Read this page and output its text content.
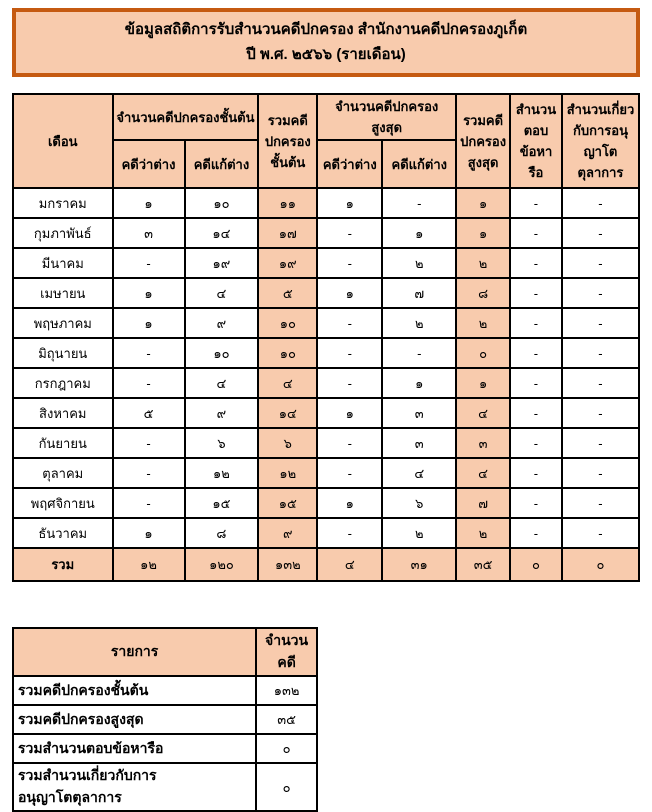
ข้อมูลสถิติการรับสำนวนคดีปกครอง สำนักงานคดีปกครองภูเก็ต
ปี พ.ศ. ๒๕๖๖ (รายเดือน)
เดือน	จำนวนคดีปกครองชั้นต้น		รวมคดีปกครองชั้นต้น	จำนวนคดีปกครองสูงสุด		รวมคดีปกครองสูงสุด	สำนวนตอบข้อหารือ	สำนวนเกี่ยวกับการอนุญาโต ตุลาการ
	คดีว่าต่าง	คดีแก้ต่าง		คดีว่าต่าง	คดีแก้ต่าง			
มกราคม	๑	๑๐	๑๑	๑	-	๑	-	-
กุมภาพันธ์	๓	๑๔	๑๗	-	๑	๑	-	-
มีนาคม	-	๑๙	๑๙	-	๒	๒	-	-
เมษายน	๑	๔	๕	๑	๗	๘	-	-
พฤษภาคม	๑	๙	๑๐	-	๒	๒	-	-
มิถุนายน	-	๑๐	๑๐	-	-	๐	-	-
กรกฎาคม	-	๔	๔	-	๑	๑	-	-
สิงหาคม	๕	๙	๑๔	๑	๓	๔	-	-
กันยายน	-	๖	๖	-	๓	๓	-	-
ตุลาคม	-	๑๒	๑๒	-	๔	๔	-	-
พฤศจิกายน	-	๑๕	๑๕	๑	๖	๗	-	-
ธันวาคม	๑	๘	๙	-	๒	๒	-	-
รวม	๑๒	๑๒๐	๑๓๒	๔	๓๑	๓๕	๐	๐
รายการ	จำนวนคดี
รวมคดีปกครองชั้นต้น	๑๓๒
รวมคดีปกครองสูงสุด	๓๕
รวมสำนวนตอบข้อหารือ	๐
รวมสำนวนเกี่ยวกับการอนุญาโตตุลาการ	๐
